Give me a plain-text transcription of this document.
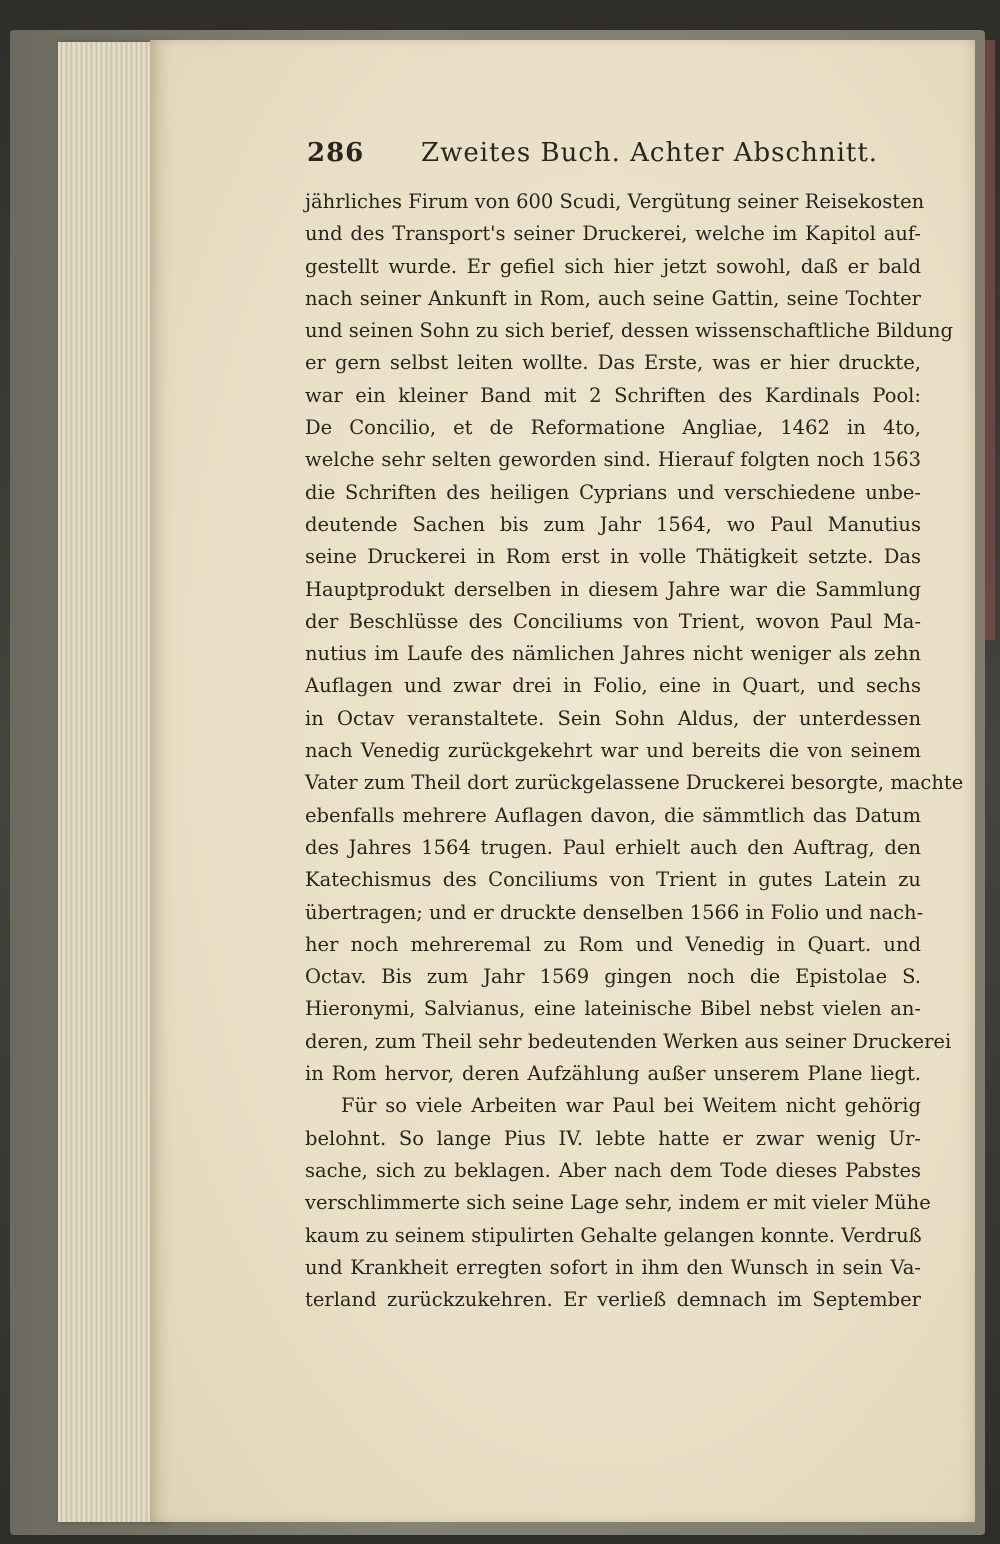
286 Zweites Buch. Achter Abschnitt.
jährliches Firum von 600 Scudi, Vergütung seiner Reisekosten
und des Transport's seiner Druckerei, welche im Kapitol auf-
gestellt wurde. Er gefiel sich hier jetzt sowohl, daß er bald
nach seiner Ankunft in Rom, auch seine Gattin, seine Tochter
und seinen Sohn zu sich berief, dessen wissenschaftliche Bildung
er gern selbst leiten wollte. Das Erste, was er hier druckte,
war ein kleiner Band mit 2 Schriften des Kardinals Pool:
De Concilio, et de Reformatione Angliae, 1462 in 4to,
welche sehr selten geworden sind. Hierauf folgten noch 1563
die Schriften des heiligen Cyprians und verschiedene unbe-
deutende Sachen bis zum Jahr 1564, wo Paul Manutius
seine Druckerei in Rom erst in volle Thätigkeit setzte. Das
Hauptprodukt derselben in diesem Jahre war die Sammlung
der Beschlüsse des Conciliums von Trient, wovon Paul Ma-
nutius im Laufe des nämlichen Jahres nicht weniger als zehn
Auflagen und zwar drei in Folio, eine in Quart, und sechs
in Octav veranstaltete. Sein Sohn Aldus, der unterdessen
nach Venedig zurückgekehrt war und bereits die von seinem
Vater zum Theil dort zurückgelassene Druckerei besorgte, machte
ebenfalls mehrere Auflagen davon, die sämmtlich das Datum
des Jahres 1564 trugen. Paul erhielt auch den Auftrag, den
Katechismus des Conciliums von Trient in gutes Latein zu
übertragen; und er druckte denselben 1566 in Folio und nach-
her noch mehreremal zu Rom und Venedig in Quart. und
Octav. Bis zum Jahr 1569 gingen noch die Epistolae S.
Hieronymi, Salvianus, eine lateinische Bibel nebst vielen an-
deren, zum Theil sehr bedeutenden Werken aus seiner Druckerei
in Rom hervor, deren Aufzählung außer unserem Plane liegt.
Für so viele Arbeiten war Paul bei Weitem nicht gehörig
belohnt. So lange Pius IV. lebte hatte er zwar wenig Ur-
sache, sich zu beklagen. Aber nach dem Tode dieses Pabstes
verschlimmerte sich seine Lage sehr, indem er mit vieler Mühe
kaum zu seinem stipulirten Gehalte gelangen konnte. Verdruß
und Krankheit erregten sofort in ihm den Wunsch in sein Va-
terland zurückzukehren. Er verließ demnach im September
